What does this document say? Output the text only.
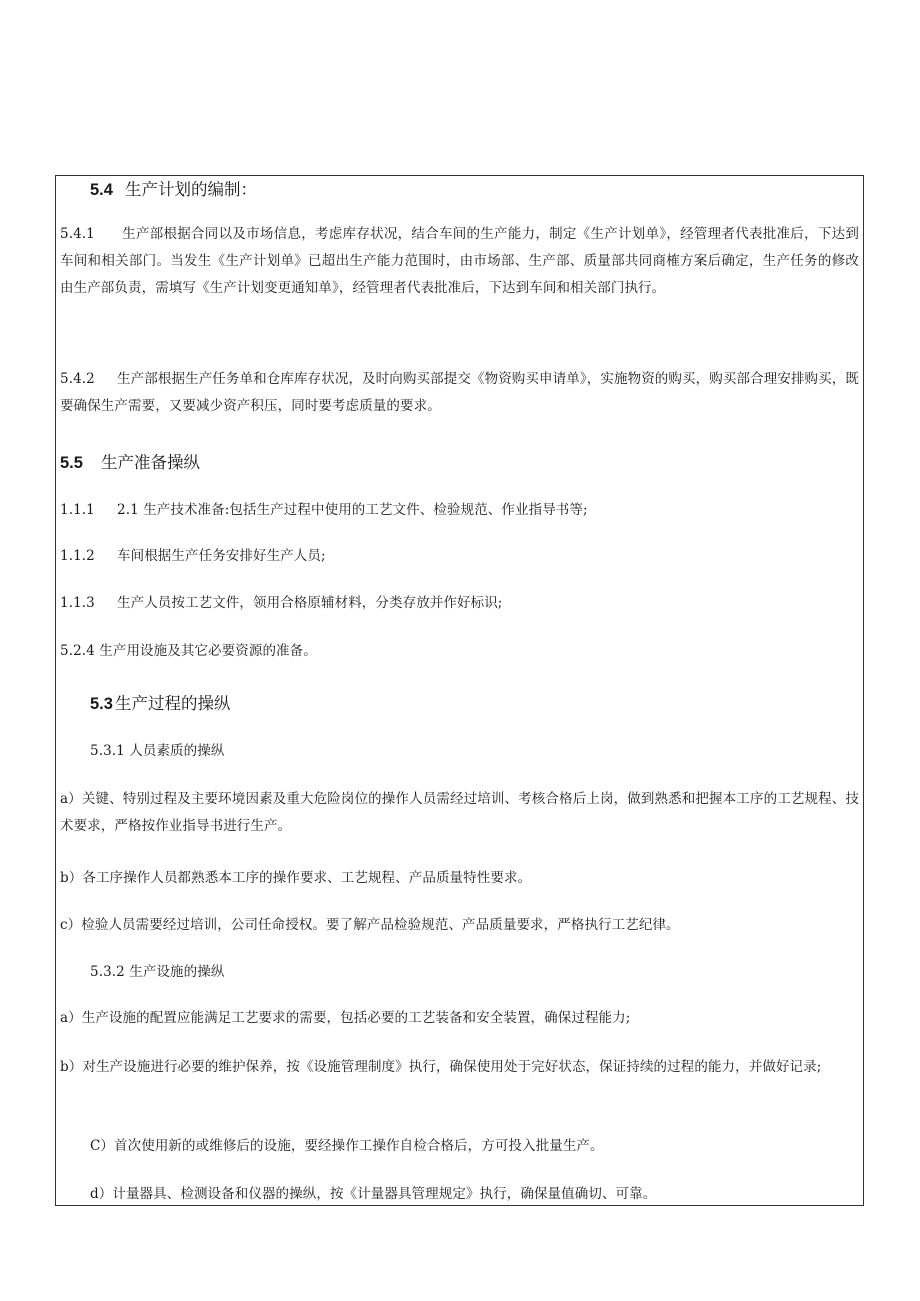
5.4 生产计划的编制：
5.4.1 生产部根据合同以及市场信息，考虑库存状况，结合车间的生产能力，制定《生产计划单》，经管理者代表批准后，下达到车间和相关部门。当发生《生产计划单》已超出生产能力范围时，由市场部、生产部、质量部共同商榷方案后确定，生产任务的修改由生产部负责，需填写《生产计划变更通知单》，经管理者代表批准后，下达到车间和相关部门执行。
5.4.2 生产部根据生产任务单和仓库库存状况，及时向购买部提交《物资购买申请单》，实施物资的购买，购买部合理安排购买，既要确保生产需要，又要减少资产积压，同时要考虑质量的要求。
5.5 生产准备操纵
1.1.1 2.1 生产技术准备:包括生产过程中使用的工艺文件、检验规范、作业指导书等;
1.1.2 车间根据生产任务安排好生产人员;
1.1.3 生产人员按工艺文件，领用合格原辅材料，分类存放并作好标识;
5.2.4 生产用设施及其它必要资源的准备。
5.3 生产过程的操纵
5.3.1 人员素质的操纵
a）关键、特别过程及主要环境因素及重大危险岗位的操作人员需经过培训、考核合格后上岗，做到熟悉和把握本工序的工艺规程、技术要求，严格按作业指导书进行生产。
b）各工序操作人员都熟悉本工序的操作要求、工艺规程、产品质量特性要求。
c）检验人员需要经过培训，公司任命授权。要了解产品检验规范、产品质量要求，严格执行工艺纪律。
5.3.2 生产设施的操纵
a）生产设施的配置应能满足工艺要求的需要，包括必要的工艺装备和安全装置，确保过程能力;
b）对生产设施进行必要的维护保养，按《设施管理制度》执行，确保使用处于完好状态，保证持续的过程的能力，并做好记录;
C）首次使用新的或维修后的设施，要经操作工操作自检合格后，方可投入批量生产。
d）计量器具、检测设备和仪器的操纵，按《计量器具管理规定》执行，确保量值确切、可靠。
